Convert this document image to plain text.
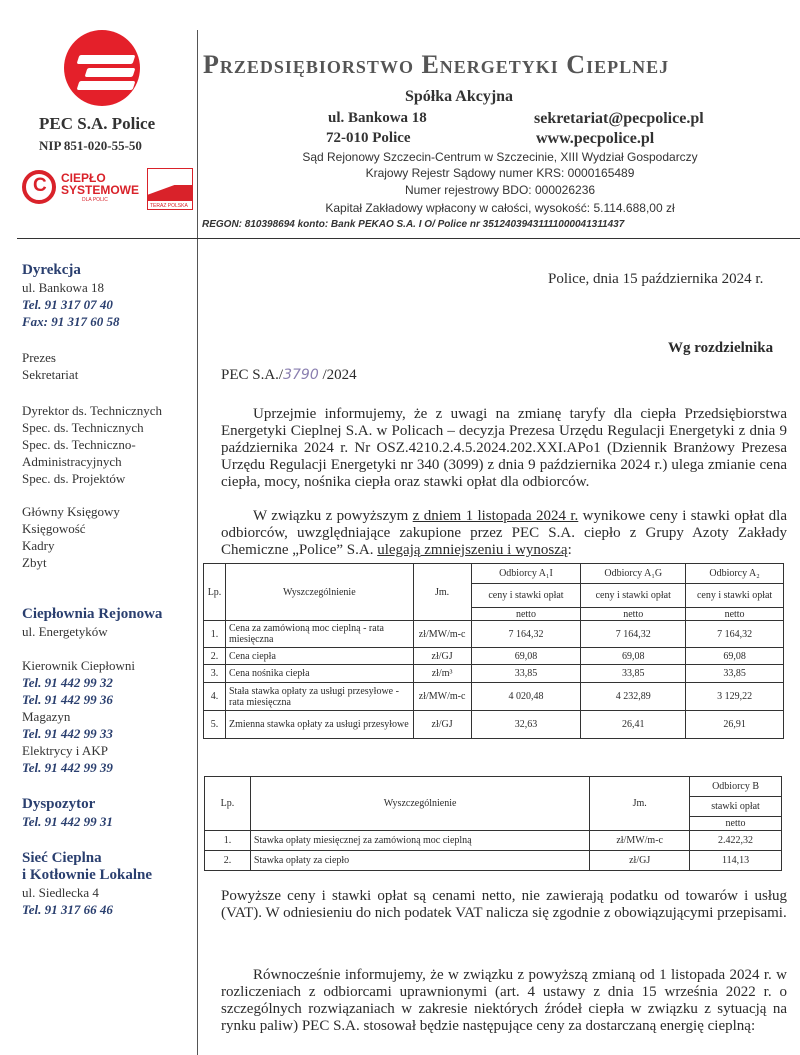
PEC S.A. Police
NIP 851-020-55-50
C CIEPŁO
SYSTEMOWE
DLA POLIC
TERAZ POLSKA
Przedsiębiorstwo Energetyki Cieplnej
Spółka Akcyjna
ul. Bankowa 18
72-010 Police
sekretariat@pecpolice.pl
www.pecpolice.pl
Sąd Rejonowy Szczecin-Centrum w Szczecinie, XIII Wydział Gospodarczy
Krajowy Rejestr Sądowy numer KRS: 0000165489
Numer rejestrowy BDO: 000026236
Kapitał Zakładowy wpłacony w całości, wysokość: 5.114.688,00 zł
REGON: 810398694 konto: Bank PEKAO S.A. I O/ Police nr 35124039431111000041311437
Dyrekcja
ul. Bankowa 18
Tel. 91 317 07 40
Fax: 91 317 60 58
Prezes
Sekretariat
Dyrektor ds. Technicznych
Spec. ds. Technicznych
Spec. ds. Techniczno-
Administracyjnych
Spec. ds. Projektów
Główny Księgowy
Księgowość
Kadry
Zbyt
Ciepłownia Rejonowa
ul. Energetyków
Kierownik Ciepłowni
Tel. 91 442 99 32
Tel. 91 442 99 36
Magazyn
Tel. 91 442 99 33
Elektrycy i AKP
Tel. 91 442 99 39
Dyspozytor
Tel. 91 442 99 31
Sieć Cieplna
i Kotłownie Lokalne
ul. Siedlecka 4
Tel. 91 317 66 46
Police, dnia 15 października 2024 r.
Wg rozdzielnika
PEC S.A./3790 /2024

Uprzejmie informujemy, że z uwagi na zmianę taryfy dla ciepła Przedsiębiorstwa Energetyki Cieplnej S.A. w Policach – decyzja Prezesa Urzędu Regulacji Energetyki z dnia 9 października 2024 r. Nr OSZ.4210.2.4.5.2024.202.XXI.APo1 (Dziennik Branżowy Prezesa Urzędu Regulacji Energetyki nr 340 (3099) z dnia 9 października 2024 r.) ulega zmianie cena ciepła, mocy, nośnika ciepła oraz stawki opłat dla odbiorców.

W związku z powyższym z dniem 1 listopada 2024 r. wynikowe ceny i stawki opłat dla odbiorców, uwzględniające zakupione przez PEC S.A. ciepło z Grupy Azoty Zakłady Chemiczne „Police” S.A. ulegają zmniejszeniu i wynoszą:

Lp.	Wyszczególnienie	Jm.	Odbiorcy A₁I	Odbiorcy A₁G	Odbiorcy A₂
			ceny i stawki opłat	ceny i stawki opłat	ceny i stawki opłat
			netto	netto	netto
1.	Cena za zamówioną moc cieplną - rata miesięczna	zł/MW/m-c	7 164,32	7 164,32	7 164,32
2.	Cena ciepła	zł/GJ	69,08	69,08	69,08
3.	Cena nośnika ciepła	zł/m³	33,85	33,85	33,85
4.	Stała stawka opłaty za usługi przesyłowe - rata miesięczna	zł/MW/m-c	4 020,48	4 232,89	3 129,22
5.	Zmienna stawka opłaty za usługi przesyłowe	zł/GJ	32,63	26,41	26,91
Lp.	Wyszczególnienie	Jm.	Odbiorcy B
			stawki opłat
			netto
1.	Stawka opłaty miesięcznej za zamówioną moc cieplną	zł/MW/m-c	2.422,32
2.	Stawka opłaty za ciepło	zł/GJ	114,13

Powyższe ceny i stawki opłat są cenami netto, nie zawierają podatku od towarów i usług (VAT). W odniesieniu do nich podatek VAT nalicza się zgodnie z obowiązującymi przepisami.

Równocześnie informujemy, że w związku z powyższą zmianą od 1 listopada 2024 r. w rozliczeniach z odbiorcami uprawnionymi (art. 4 ustawy z dnia 15 września 2022 r. o szczególnych rozwiązaniach w zakresie niektórych źródeł ciepła w związku z sytuacją na rynku paliw) PEC S.A. stosował będzie następujące ceny za dostarczaną energię cieplną:
